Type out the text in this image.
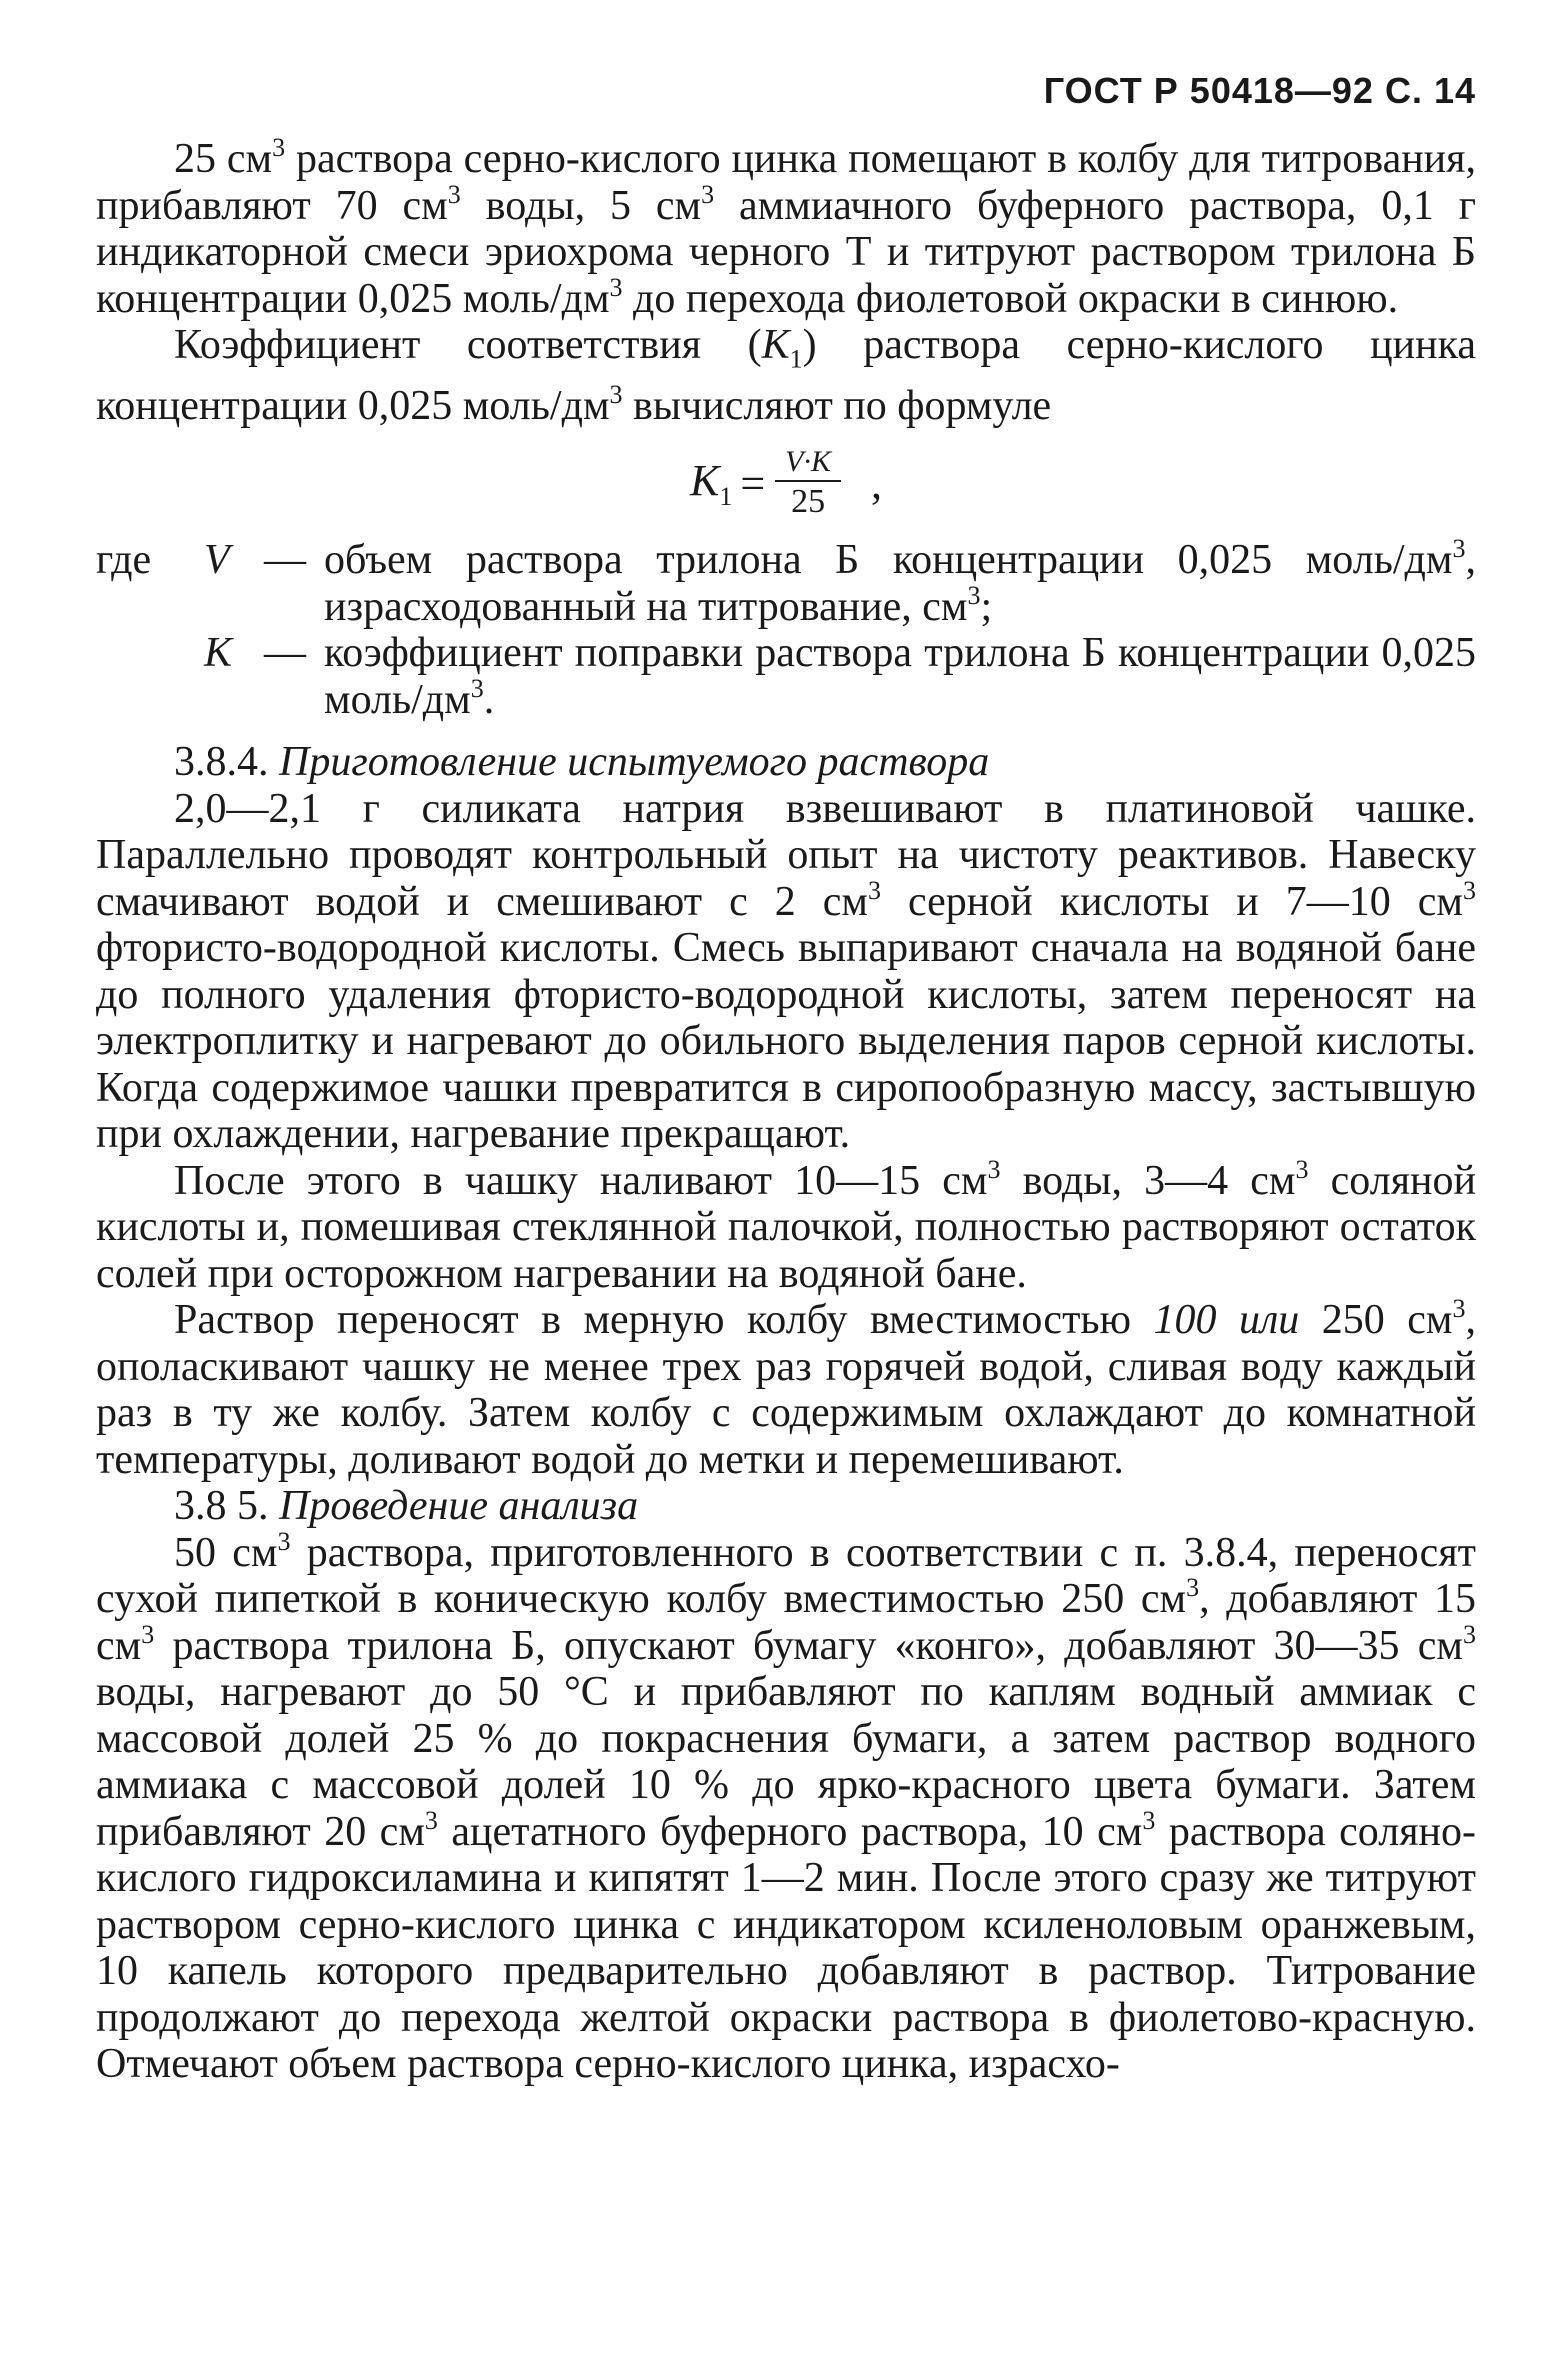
ГОСТ Р 50418—92 С. 14

25 $см^3$ раствора серно-кислого цинка помещают в колбу для титрования, прибавляют 70 $см^3$ воды, 5 $см^3$ аммиачного буферного раствора, 0,1 г индикаторной смеси эриохрома черного Т и титруют раствором трилона Б концентрации 0,025 моль/$дм^3$ до перехода фиолетовой окраски в синюю.

Коэффициент соответствия $(K_1)$ раствора серно-кислого цинка концентрации 0,025 моль/$дм^3$ вычисляют по формуле

$K_1 = \frac{V\cdot K}{25}$ ,
где	V — объем раствора трилона Б концентрации 0,025 моль/$дм^3$, израсходованный на титрование, $см^3$;
K — коэффициент поправки раствора трилона Б концентрации 0,025 моль/$дм^3$.
3.8.4. Приготовление испытуемого раствора

2,0—2,1 г силиката натрия взвешивают в платиновой чашке. Параллельно проводят контрольный опыт на чистоту реактивов. Навеску смачивают водой и смешивают с 2 $см^3$ серной кислоты и 7—10 $см^3$ фтористо-водородной кислоты. Смесь выпаривают сначала на водяной бане до полного удаления фтористо-водородной кислоты, затем переносят на электроплитку и нагревают до обильного выделения паров серной кислоты. Когда содержимое чашки превратится в сиропообразную массу, застывшую при охлаждении, нагревание прекращают.

После этого в чашку наливают 10—15 $см^3$ воды, 3—4 $см^3$ соляной кислоты и, помешивая стеклянной палочкой, полностью растворяют остаток солей при осторожном нагревании на водяной бане.

Раствор переносят в мерную колбу вместимостью 100 или 250 $см^3$, ополаскивают чашку не менее трех раз горячей водой, сливая воду каждый раз в ту же колбу. Затем колбу с содержимым охлаждают до комнатной температуры, доливают водой до метки и перемешивают.

3.8 5. Проведение анализа

50 $см^3$ раствора, приготовленного в соответствии с п. 3.8.4, переносят сухой пипеткой в коническую колбу вместимостью 250 $см^3$, добавляют 15 $см^3$ раствора трилона Б, опускают бумагу «конго», добавляют 30—35 $см^3$ воды, нагревают до 50 °С и прибавляют по каплям водный аммиак с массовой долей 25 % до покраснения бумаги, а затем раствор водного аммиака с массовой долей 10 % до ярко-красного цвета бумаги. Затем прибавляют 20 $см^3$ ацетатного буферного раствора, 10 $см^3$ раствора соляно-кислого гидроксиламина и кипятят 1—2 мин. После этого сразу же титруют раствором серно-кислого цинка с индикатором ксиленоловым оранжевым, 10 капель которого предварительно добавляют в раствор. Титрование продолжают до перехода желтой окраски раствора в фиолетово-красную. Отмечают объем раствора серно-кислого цинка, израсхо-
